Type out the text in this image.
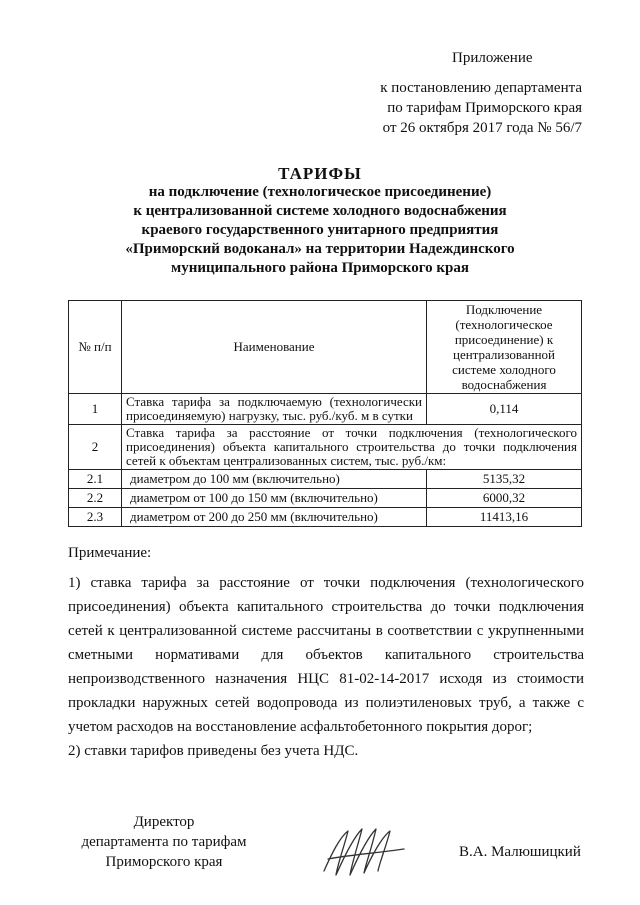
Приложение
к постановлению департамента
по тарифам Приморского края
от 26 октября 2017 года № 56/7
ТАРИФЫ
на подключение (технологическое присоединение)
к централизованной системе холодного водоснабжения
краевого государственного унитарного предприятия
«Приморский водоканал» на территории Надеждинского
муниципального района Приморского края
№ п/п	Наименование	Подключение (технологическое присоединение) к централизованной системе холодного водоснабжения
1	Ставка тарифа за подключаемую (технологически присоединяемую) нагрузку, тыс. руб./куб. м в сутки	0,114
2	Ставка тарифа за расстояние от точки подключения (технологического присоединения) объекта капитального строительства до точки подключения сетей к объектам централизованных систем, тыс. руб./км:	
2.1	диаметром до 100 мм (включительно)	5135,32
2.2	диаметром от 100 до 150 мм (включительно)	6000,32
2.3	диаметром от 200 до 250 мм (включительно)	11413,16

Примечание:

1) ставка тарифа за расстояние от точки подключения (технологического присоединения) объекта капитального строительства до точки подключения сетей к централизованной системе рассчитаны в соответствии с укрупненными сметными нормативами для объектов капитального строительства непроизводственного назначения НЦС 81-02-14-2017 исходя из стоимости прокладки наружных сетей водопровода из полиэтиленовых труб, а также с учетом расходов на восстановление асфальтобетонного покрытия дорог;

2) ставки тарифов приведены без учета НДС.

Директор
департамента по тарифам
Приморского края
В.А. Малюшицкий
